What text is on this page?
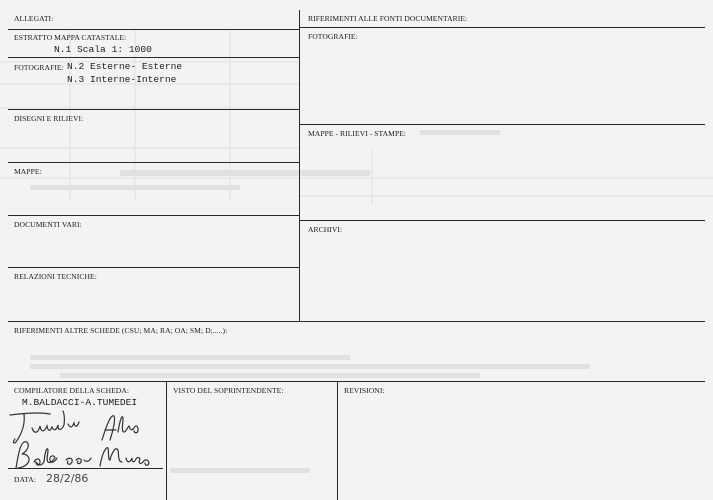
ALLEGATI:
ESTRATTO MAPPA CATASTALE:
FOTOGRAFIE:
DISEGNI E RILIEVI:
MAPPE:
DOCUMENTI VARI:
RELAZIONI TECNICHE:
RIFERIMENTI ALLE FONTI DOCUMENTARIE:
FOTOGRAFIE:
MAPPE - RILIEVI - STAMPE:
ARCHIVI:
RIFERIMENTI ALTRE SCHEDE (CSU; MA; RA; OA; SM; D;.....):
COMPILATORE DELLA SCHEDA:	VISTO DEL SOPRINTENDENTE:	REVISIONI:
DATA:
N.1 Scala 1: 1000
N.2 Esterne- Esterne
N.3 Interne-Interne
M.BALDACCI-A.TUMEDEI
28/2/86
